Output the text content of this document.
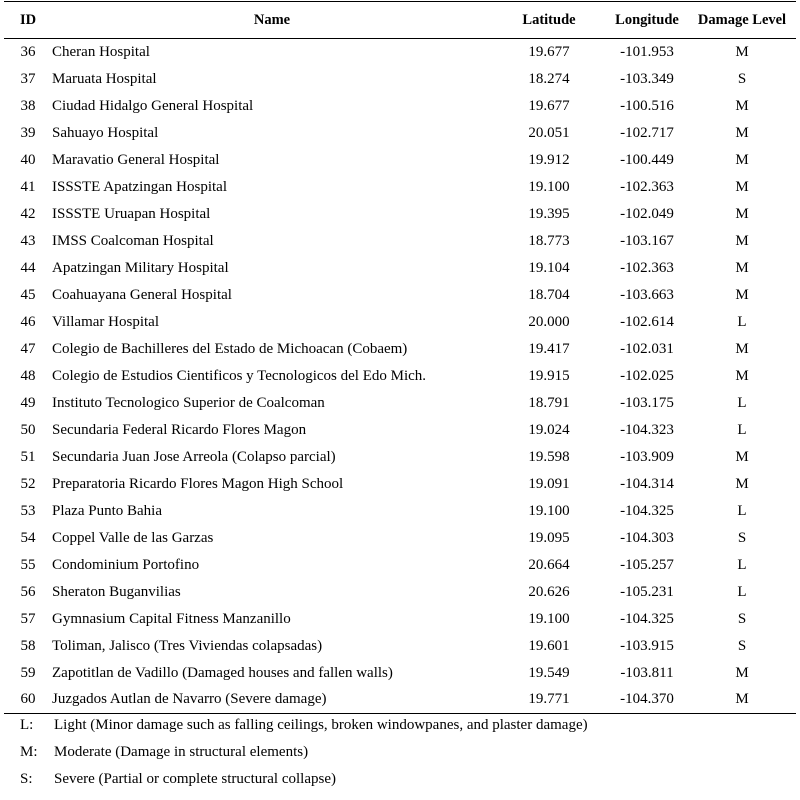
ID	Name	Latitude	Longitude	Damage Level
36	Cheran Hospital	19.677	-101.953	M
37	Maruata Hospital	18.274	-103.349	S
38	Ciudad Hidalgo General Hospital	19.677	-100.516	M
39	Sahuayo Hospital	20.051	-102.717	M
40	Maravatio General Hospital	19.912	-100.449	M
41	ISSSTE Apatzingan Hospital	19.100	-102.363	M
42	ISSSTE Uruapan Hospital	19.395	-102.049	M
43	IMSS Coalcoman Hospital	18.773	-103.167	M
44	Apatzingan Military Hospital	19.104	-102.363	M
45	Coahuayana General Hospital	18.704	-103.663	M
46	Villamar Hospital	20.000	-102.614	L
47	Colegio de Bachilleres del Estado de Michoacan (Cobaem)	19.417	-102.031	M
48	Colegio de Estudios Cientificos y Tecnologicos del Edo Mich.	19.915	-102.025	M
49	Instituto Tecnologico Superior de Coalcoman	18.791	-103.175	L
50	Secundaria Federal Ricardo Flores Magon	19.024	-104.323	L
51	Secundaria Juan Jose Arreola (Colapso parcial)	19.598	-103.909	M
52	Preparatoria Ricardo Flores Magon High School	19.091	-104.314	M
53	Plaza Punto Bahia	19.100	-104.325	L
54	Coppel Valle de las Garzas	19.095	-104.303	S
55	Condominium Portofino	20.664	-105.257	L
56	Sheraton Buganvilias	20.626	-105.231	L
57	Gymnasium Capital Fitness Manzanillo	19.100	-104.325	S
58	Toliman, Jalisco (Tres Viviendas colapsadas)	19.601	-103.915	S
59	Zapotitlan de Vadillo (Damaged houses and fallen walls)	19.549	-103.811	M
60	Juzgados Autlan de Navarro (Severe damage)	19.771	-104.370	M
L:	Light (Minor damage such as falling ceilings, broken windowpanes, and plaster damage)
M:	Moderate (Damage in structural elements)
S:	Severe (Partial or complete structural collapse)
